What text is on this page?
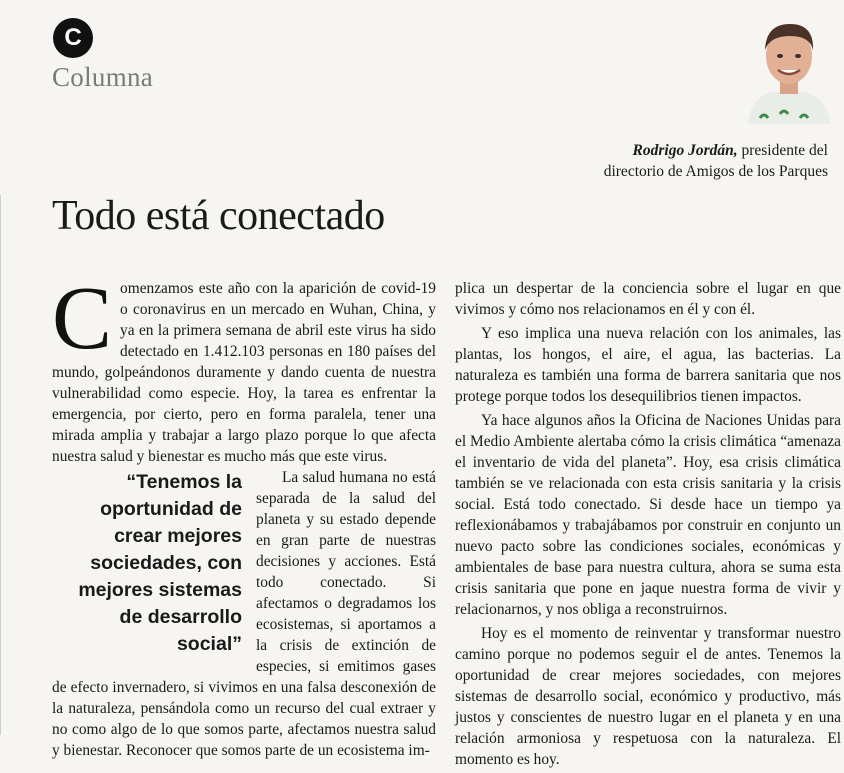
C
Columna
Rodrigo Jordán, presidente del
directorio de Amigos de los Parques
Todo está conectado

Comenzamos este año con la aparición de covid-19 o coronavirus en un mercado en Wuhan, China, y ya en la primera semana de abril este virus ha sido detectado en 1.412.103 personas en 180 países del mundo, golpeándonos duramente y dando cuenta de nuestra vulnerabilidad como especie. Hoy, la tarea es enfrentar la emergencia, por cierto, pero en forma paralela, tener una mirada amplia y trabajar a largo plazo porque lo que afecta nuestra salud y bienestar es mucho más que este virus.

“Tenemos la oportunidad de crear mejores sociedades, con mejores sistemas de desarrollo social”

La salud humana no está separada de la salud del planeta y su estado depende en gran parte de nuestras decisiones y acciones. Está todo conectado. Si afectamos o degradamos los ecosistemas, si aportamos a la crisis de extinción de especies, si emitimos gases de efecto invernadero, si vivimos en una falsa desconexión de la naturaleza, pensándola como un recurso del cual extraer y no como algo de lo que somos parte, afectamos nuestra salud y bienestar. Reconocer que somos parte de un ecosistema im-

plica un despertar de la conciencia sobre el lugar en que vivimos y cómo nos relacionamos en él y con él.

Y eso implica una nueva relación con los animales, las plantas, los hongos, el aire, el agua, las bacterias. La naturaleza es también una forma de barrera sanitaria que nos protege porque todos los desequilibrios tienen impactos.

Ya hace algunos años la Oficina de Naciones Unidas para el Medio Ambiente alertaba cómo la crisis climática “amenaza el inventario de vida del planeta”. Hoy, esa crisis climática también se ve relacionada con esta crisis sanitaria y la crisis social. Está todo conectado. Si desde hace un tiempo ya reflexionábamos y trabajábamos por construir en conjunto un nuevo pacto sobre las condiciones sociales, económicas y ambientales de base para nuestra cultura, ahora se suma esta crisis sanitaria que pone en jaque nuestra forma de vivir y relacionarnos, y nos obliga a reconstruirnos.

Hoy es el momento de reinventar y transformar nuestro camino porque no podemos seguir el de antes. Tenemos la oportunidad de crear mejores sociedades, con mejores sistemas de desarrollo social, económico y productivo, más justos y conscientes de nuestro lugar en el planeta y en una relación armoniosa y respetuosa con la naturaleza. El momento es hoy.
